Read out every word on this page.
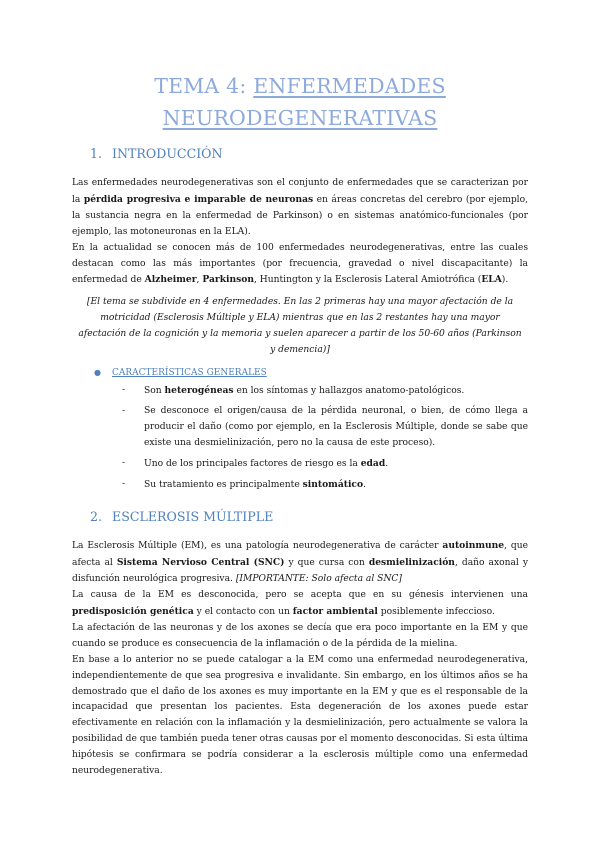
TEMA 4: ENFERMEDADES
NEURODEGENERATIVAS
1. INTRODUCCIÓN

Las enfermedades neurodegenerativas son el conjunto de enfermedades que se caracterizan por la pérdida progresiva e imparable de neuronas en áreas concretas del cerebro (por ejemplo, la sustancia negra en la enfermedad de Parkinson) o en sistemas anatómico-funcionales (por ejemplo, las motoneuronas en la ELA).

En la actualidad se conocen más de 100 enfermedades neurodegenerativas, entre las cuales destacan como las más importantes (por frecuencia, gravedad o nivel discapacitante) la enfermedad de Alzheimer, Parkinson, Huntington y la Esclerosis Lateral Amiotrófica (ELA).

[El tema se subdivide en 4 enfermedades. En las 2 primeras hay una mayor afectación de la motricidad (Esclerosis Múltiple y ELA) mientras que en las 2 restantes hay una mayor afectación de la cognición y la memoria y suelen aparecer a partir de los 50-60 años (Parkinson y demencia)]
● CARACTERÍSTICAS GENERALES
- Son heterogéneas en los síntomas y hallazgos anatomo-patológicos.
- Se desconoce el origen/causa de la pérdida neuronal, o bien, de cómo llega a producir el daño (como por ejemplo, en la Esclerosis Múltiple, donde se sabe que existe una desmielinización, pero no la causa de este proceso).
- Uno de los principales factores de riesgo es la edad.
- Su tratamiento es principalmente sintomático.
2. ESCLEROSIS MÚLTIPLE

La Esclerosis Múltiple (EM), es una patología neurodegenerativa de carácter autoinmune, que afecta al Sistema Nervioso Central (SNC) y que cursa con desmielinización, daño axonal y disfunción neurológica progresiva. [IMPORTANTE: Solo afecta al SNC]

La causa de la EM es desconocida, pero se acepta que en su génesis intervienen una predisposición genética y el contacto con un factor ambiental posiblemente infeccioso.

La afectación de las neuronas y de los axones se decía que era poco importante en la EM y que cuando se produce es consecuencia de la inflamación o de la pérdida de la mielina.

En base a lo anterior no se puede catalogar a la EM como una enfermedad neurodegenerativa, independientemente de que sea progresiva e invalidante. Sin embargo, en los últimos años se ha demostrado que el daño de los axones es muy importante en la EM y que es el responsable de la incapacidad que presentan los pacientes. Esta degeneración de los axones puede estar efectivamente en relación con la inflamación y la desmielinización, pero actualmente se valora la posibilidad de que también pueda tener otras causas por el momento desconocidas. Si esta última hipótesis se confirmara se podría considerar a la esclerosis múltiple como una enfermedad neurodegenerativa.
